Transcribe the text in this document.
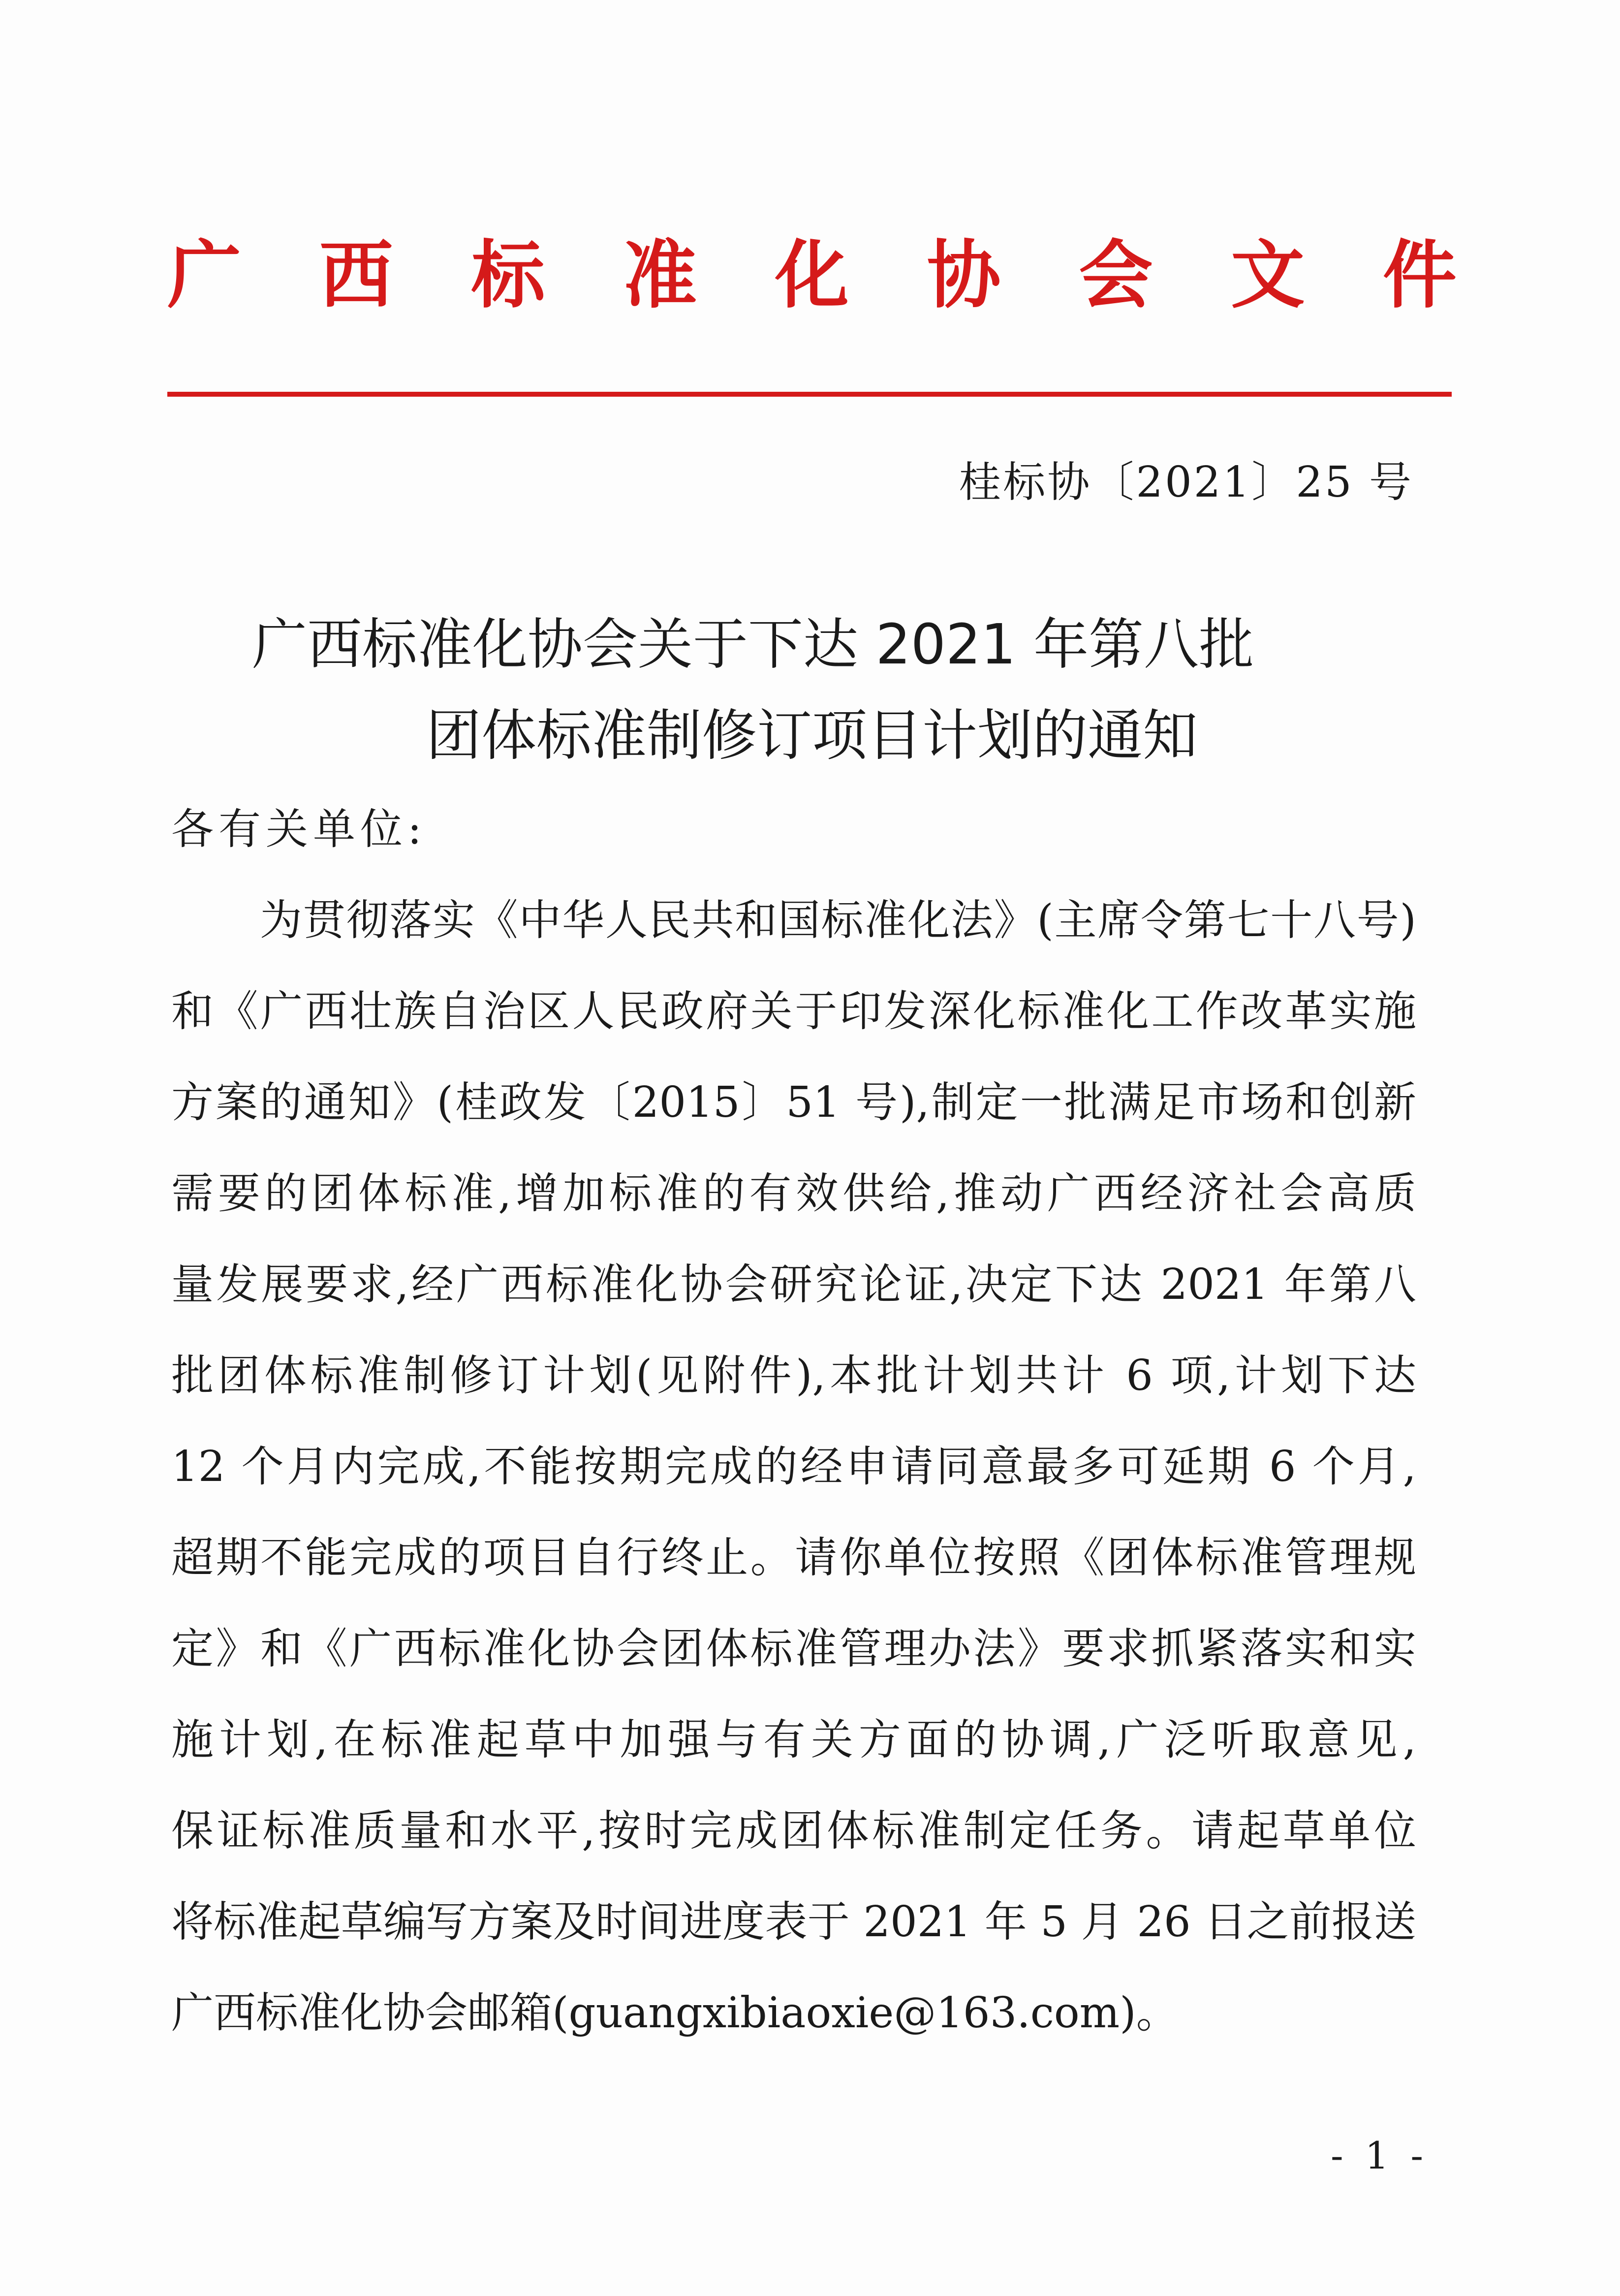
广 西 标 准 化 协 会 文 件
桂标协〔2021〕25 号
广西标准化协会关于下达 2021 年第八批
团体标准制修订项目计划的通知
各有关单位:
为贯彻落实《中华人民共和国标准化法》(主席令第七十八号)
和《广西壮族自治区人民政府关于印发深化标准化工作改革实施
方案的通知》(桂政发〔2015〕51 号),制定一批满足市场和创新
需要的团体标准,增加标准的有效供给,推动广西经济社会高质
量发展要求,经广西标准化协会研究论证,决定下达 2021 年第八
批团体标准制修订计划(见附件),本批计划共计 6 项,计划下达
12 个月内完成,不能按期完成的经申请同意最多可延期 6 个月,
超期不能完成的项目自行终止。请你单位按照《团体标准管理规
定》和《广西标准化协会团体标准管理办法》要求抓紧落实和实
施计划,在标准起草中加强与有关方面的协调,广泛听取意见,
保证标准质量和水平,按时完成团体标准制定任务。请起草单位
将标准起草编写方案及时间进度表于 2021 年 5 月 26 日之前报送
广西标准化协会邮箱(guangxibiaoxie@163.com)。
- 1 -
